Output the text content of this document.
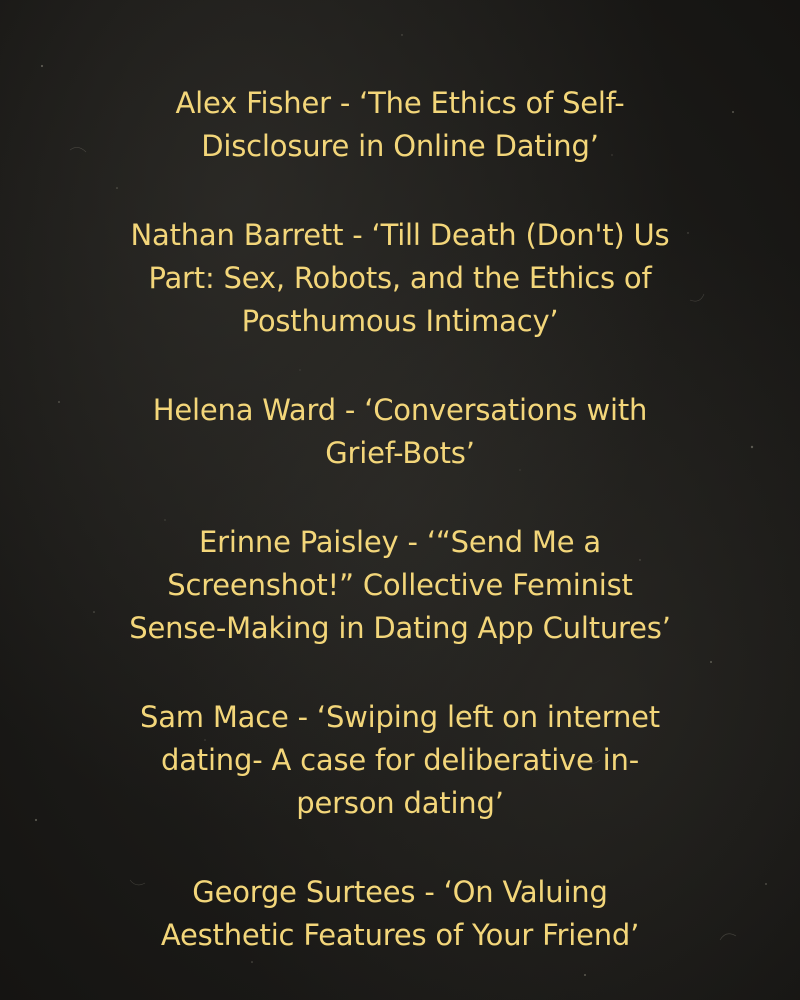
Alex Fisher - ‘The Ethics of Self-
Disclosure in Online Dating’
Nathan Barrett - ‘Till Death (Don't) Us
Part: Sex, Robots, and the Ethics of
Posthumous Intimacy’
Helena Ward - ‘Conversations with
Grief-Bots’
Erinne Paisley - ‘“Send Me a
Screenshot!” Collective Feminist
Sense-Making in Dating App Cultures’
Sam Mace - ‘Swiping left on internet
dating- A case for deliberative in-
person dating’
George Surtees - ‘On Valuing
Aesthetic Features of Your Friend’
